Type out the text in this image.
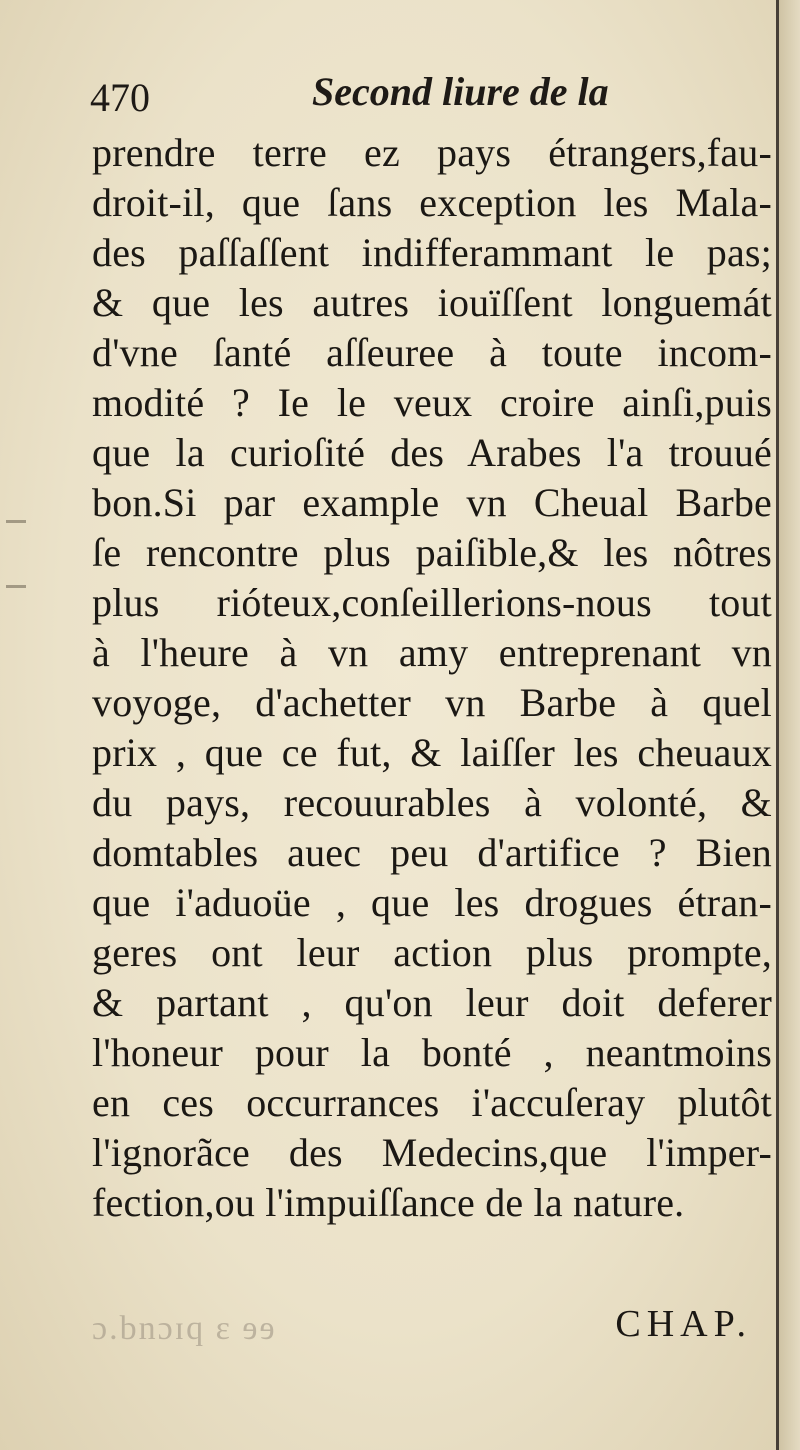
470	Second liure de la
prendre terre ez pays étrangers,fau-
droit-il, que ſans exception les Mala-
des paſſaſſent indifferammant le pas;
& que les autres iouïſſent longuemát
d'vne ſanté aſſeuree à toute incom-
modité ? Ie le veux croire ainſi,puis
que la curioſité des Arabes l'a trouué
bon.Si par example vn Cheual Barbe
ſe rencontre plus paiſible,& les nôtres
plus rióteux,conſeillerions-nous tout
à l'heure à vn amy entreprenant vn
voyoge, d'achetter vn Barbe à quel
prix , que ce fut, & laiſſer les cheuaux
du pays, recouurables à volonté, &
domtables auec peu d'artifice ? Bien
que i'aduoüe , que les drogues étran-
geres ont leur action plus prompte,
& partant , qu'on leur doit deferer
l'honeur pour la bonté , neantmoins
en ces occurrances i'accuſeray plutôt
l'ignorãce des Medecins,que l'imper-
fection,ou l'impuiſſance de la nature.
ɔ.bnɔɪq ɛ ɘɘ	CHAP.
